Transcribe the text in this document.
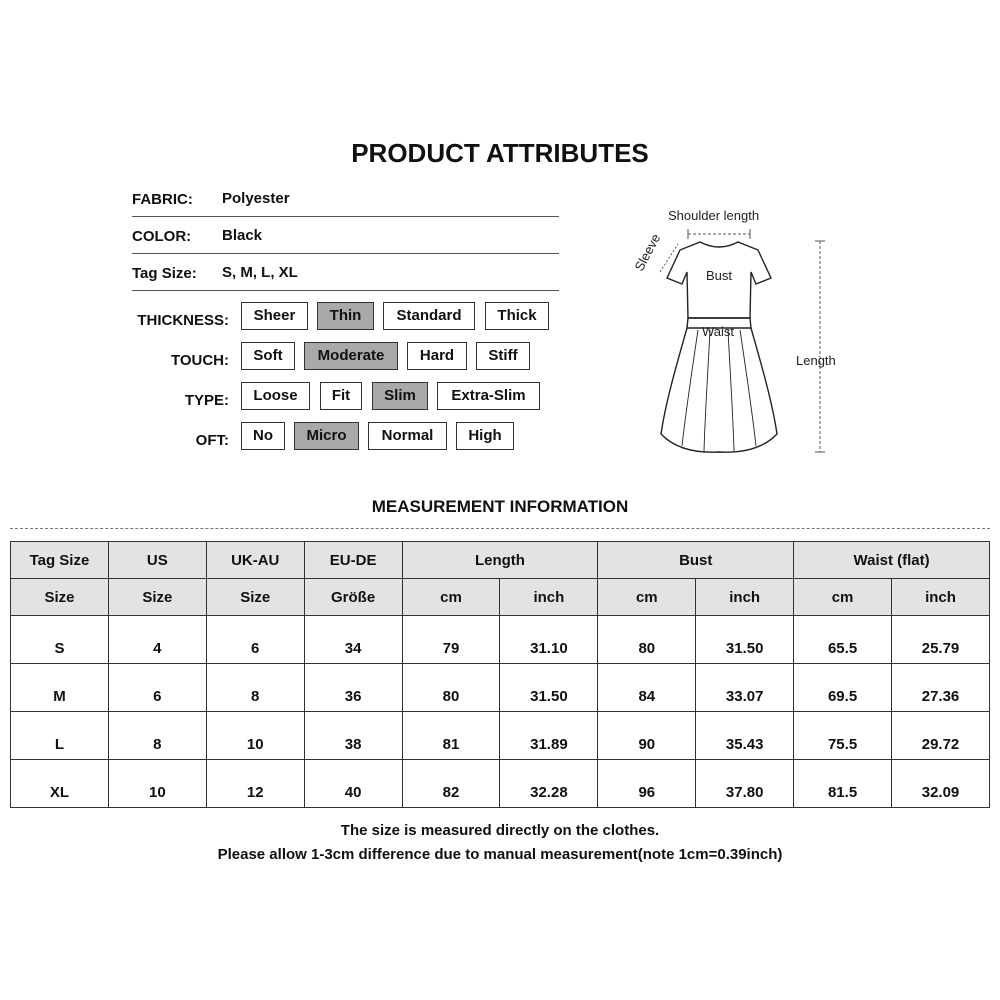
PRODUCT ATTRIBUTES
FABRIC: Polyester
COLOR: Black
Tag Size: S, M, L, XL
THICKNESS:	Sheer	Thin	Standard	Thick
TOUCH:	Soft	Moderate	Hard	Stiff
TYPE:	Loose	Fit	Slim	Extra-Slim
OFT:	No	Micro	Normal	High
Shoulder length
Sleeve
Bust
Waist
Length
MEASUREMENT INFORMATION
Tag Size	US	UK-AU	EU-DE	Length		Bust		Waist (flat)	
Size	Size	Size	Größe	cm	inch	cm	inch	cm	inch
S	4	6	34	79	31.10	80	31.50	65.5	25.79
M	6	8	36	80	31.50	84	33.07	69.5	27.36
L	8	10	38	81	31.89	90	35.43	75.5	29.72
XL	10	12	40	82	32.28	96	37.80	81.5	32.09
The size is measured directly on the clothes.
Please allow 1-3cm difference due to manual measurement(note 1cm=0.39inch)
